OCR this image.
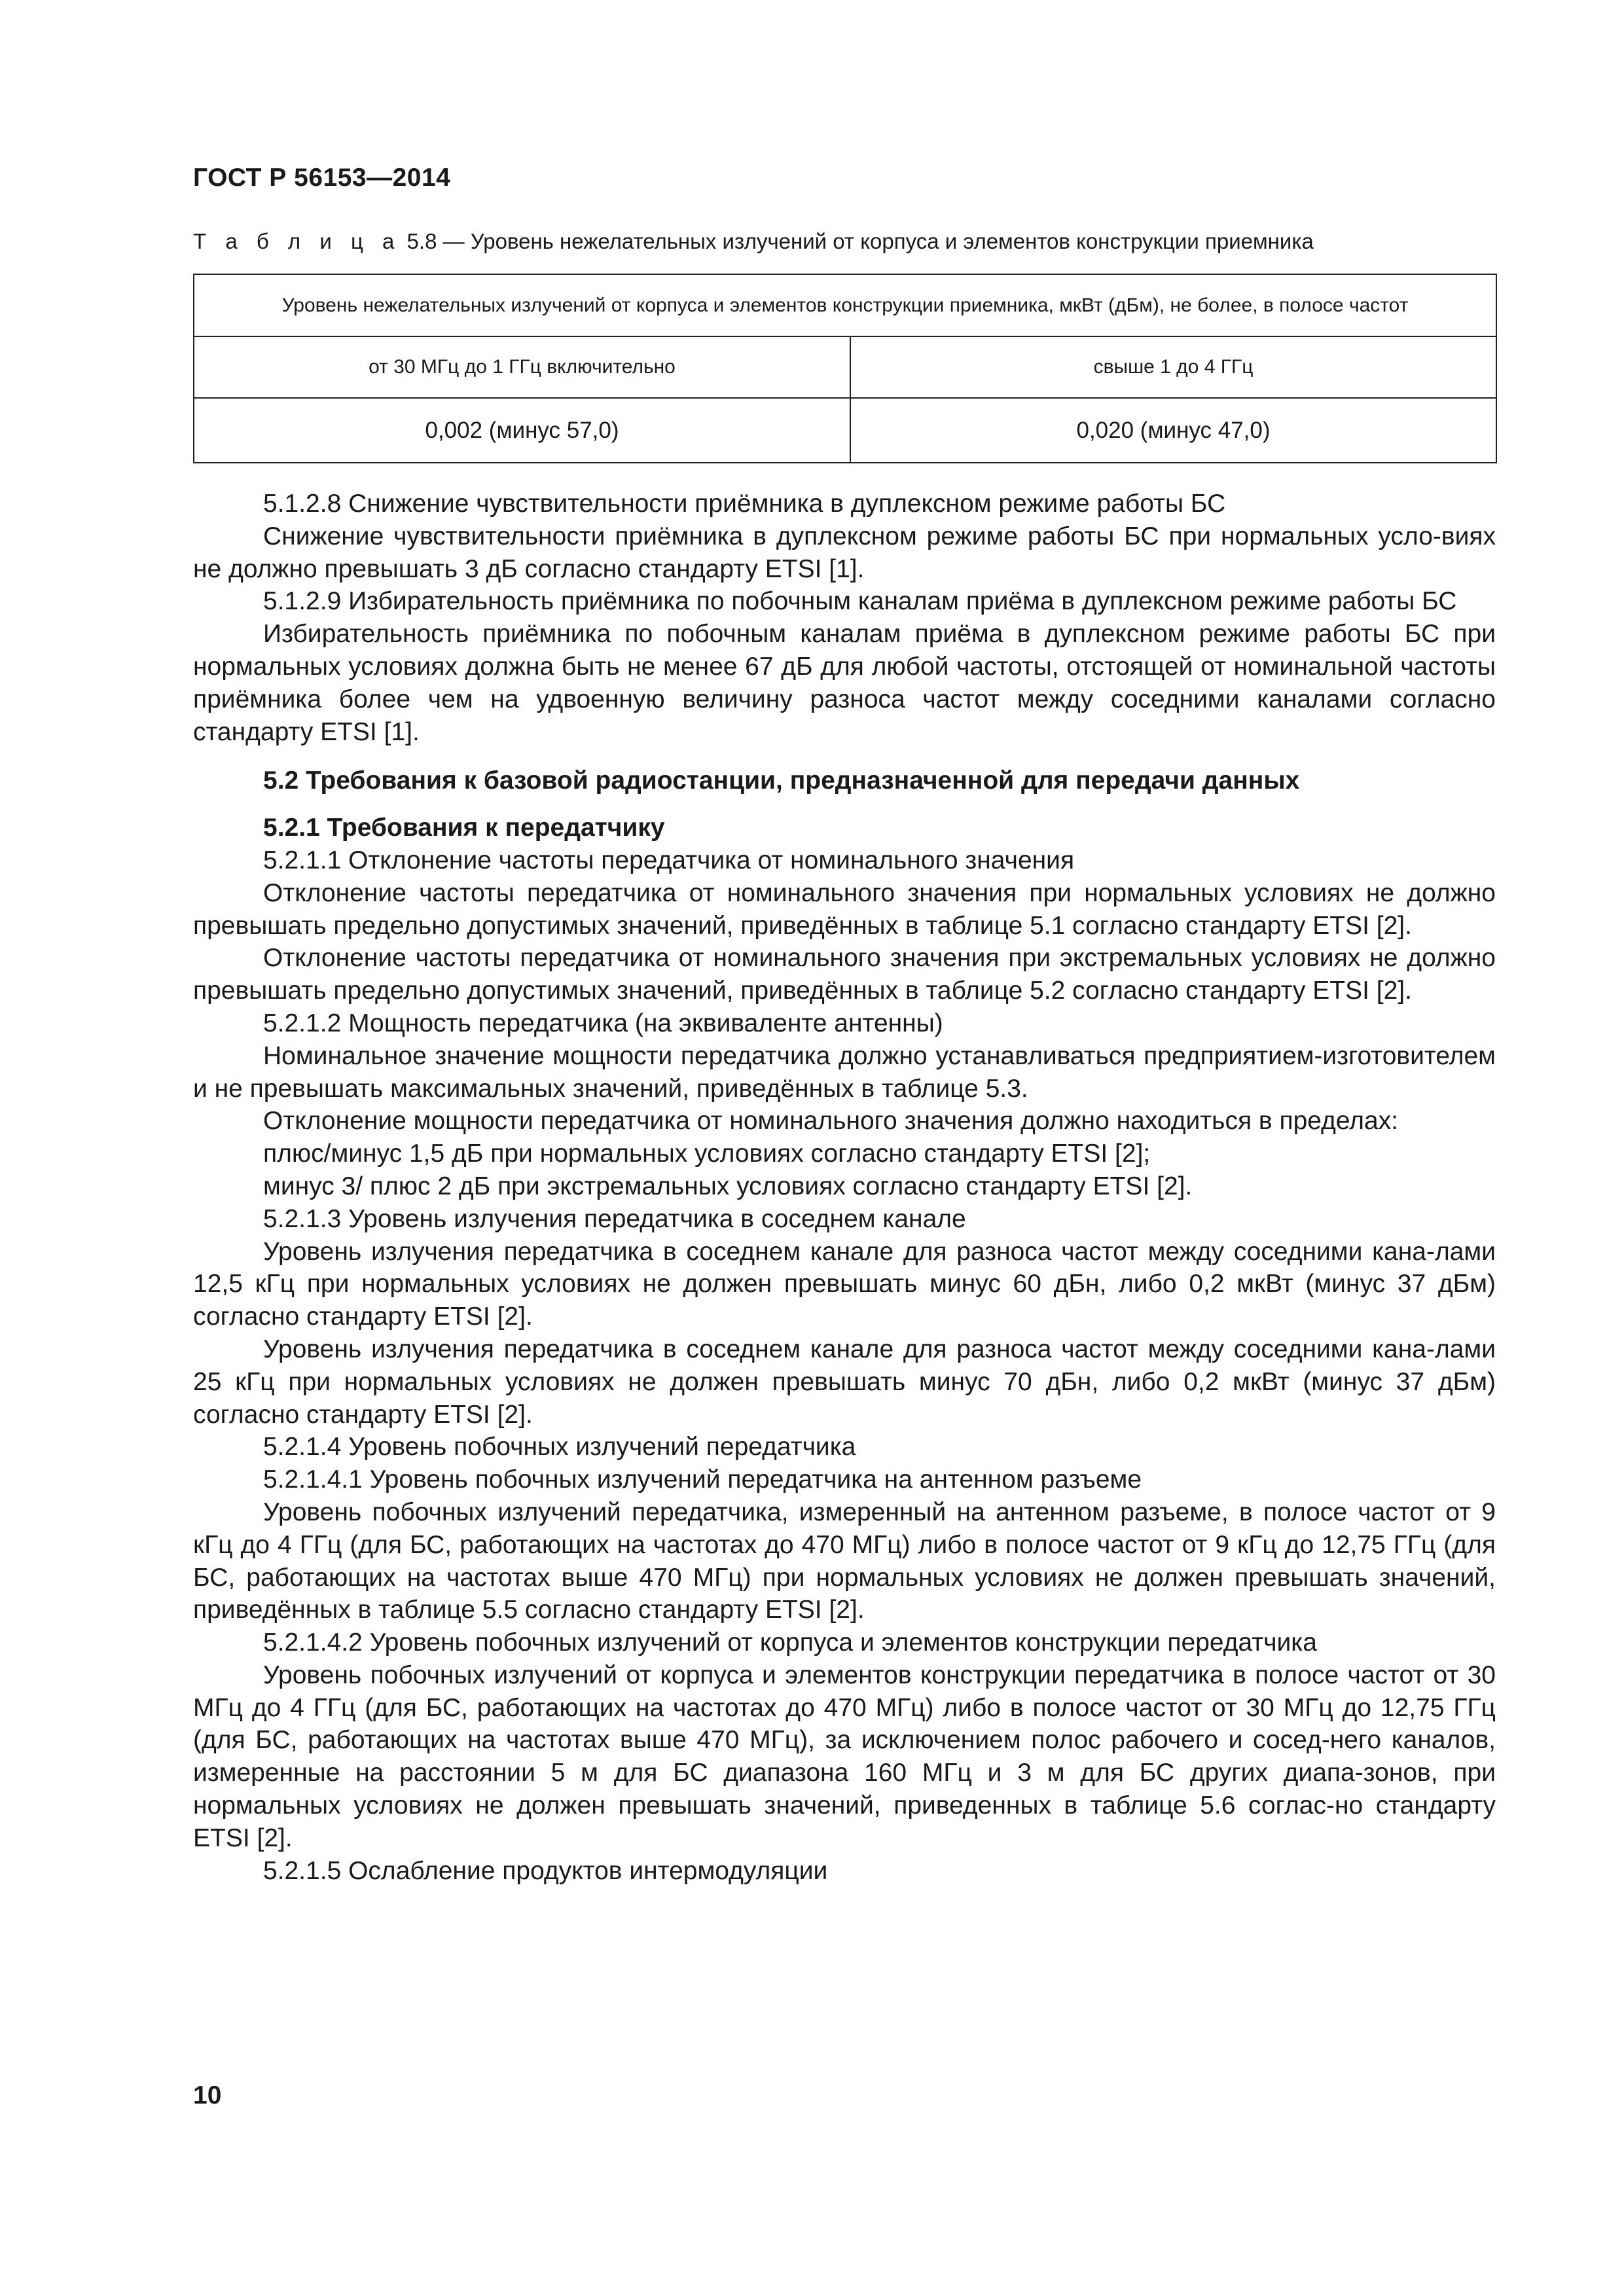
ГОСТ Р 56153—2014
Т а б л и ц а 5.8 — Уровень нежелательных излучений от корпуса и элементов конструкции приемника
Уровень нежелательных излучений от корпуса и элементов конструкции приемника, мкВт (дБм), не более, в полосе частот	
от 30 МГц до 1 ГГц включительно	свыше 1 до 4 ГГц
0,002 (минус 57,0)	0,020 (минус 47,0)

5.1.2.8 Снижение чувствительности приёмника в дуплексном режиме работы БС

Снижение чувствительности приёмника в дуплексном режиме работы БС при нормальных усло-виях не должно превышать 3 дБ согласно стандарту ETSI [1].

5.1.2.9 Избирательность приёмника по побочным каналам приёма в дуплексном режиме работы БС

Избирательность приёмника по побочным каналам приёма в дуплексном режиме работы БС при нормальных условиях должна быть не менее 67 дБ для любой частоты, отстоящей от номинальной частоты приёмника более чем на удвоенную величину разноса частот между соседними каналами согласно стандарту ETSI [1].

5.2 Требования к базовой радиостанции, предназначенной для передачи данных

5.2.1 Требования к передатчику

5.2.1.1 Отклонение частоты передатчика от номинального значения

Отклонение частоты передатчика от номинального значения при нормальных условиях не должно превышать предельно допустимых значений, приведённых в таблице 5.1 согласно стандарту ETSI [2].

Отклонение частоты передатчика от номинального значения при экстремальных условиях не должно превышать предельно допустимых значений, приведённых в таблице 5.2 согласно стандарту ETSI [2].

5.2.1.2 Мощность передатчика (на эквиваленте антенны)

Номинальное значение мощности передатчика должно устанавливаться предприятием-изготовителем и не превышать максимальных значений, приведённых в таблице 5.3.

Отклонение мощности передатчика от номинального значения должно находиться в пределах:

плюс/минус 1,5 дБ при нормальных условиях согласно стандарту ETSI [2];

минус 3/ плюс 2 дБ при экстремальных условиях согласно стандарту ETSI [2].

5.2.1.3 Уровень излучения передатчика в соседнем канале

Уровень излучения передатчика в соседнем канале для разноса частот между соседними кана-лами 12,5 кГц при нормальных условиях не должен превышать минус 60 дБн, либо 0,2 мкВт (минус 37 дБм) согласно стандарту ETSI [2].

Уровень излучения передатчика в соседнем канале для разноса частот между соседними кана-лами 25 кГц при нормальных условиях не должен превышать минус 70 дБн, либо 0,2 мкВт (минус 37 дБм) согласно стандарту ETSI [2].

5.2.1.4 Уровень побочных излучений передатчика

5.2.1.4.1 Уровень побочных излучений передатчика на антенном разъеме

Уровень побочных излучений передатчика, измеренный на антенном разъеме, в полосе частот от 9 кГц до 4 ГГц (для БС, работающих на частотах до 470 МГц) либо в полосе частот от 9 кГц до 12,75 ГГц (для БС, работающих на частотах выше 470 МГц) при нормальных условиях не должен превышать значений, приведённых в таблице 5.5 согласно стандарту ETSI [2].

5.2.1.4.2 Уровень побочных излучений от корпуса и элементов конструкции передатчика

Уровень побочных излучений от корпуса и элементов конструкции передатчика в полосе частот от 30 МГц до 4 ГГц (для БС, работающих на частотах до 470 МГц) либо в полосе частот от 30 МГц до 12,75 ГГц (для БС, работающих на частотах выше 470 МГц), за исключением полос рабочего и сосед-него каналов, измеренные на расстоянии 5 м для БС диапазона 160 МГц и 3 м для БС других диапа-зонов, при нормальных условиях не должен превышать значений, приведенных в таблице 5.6 соглас-но стандарту ETSI [2].

5.2.1.5 Ослабление продуктов интермодуляции

10
